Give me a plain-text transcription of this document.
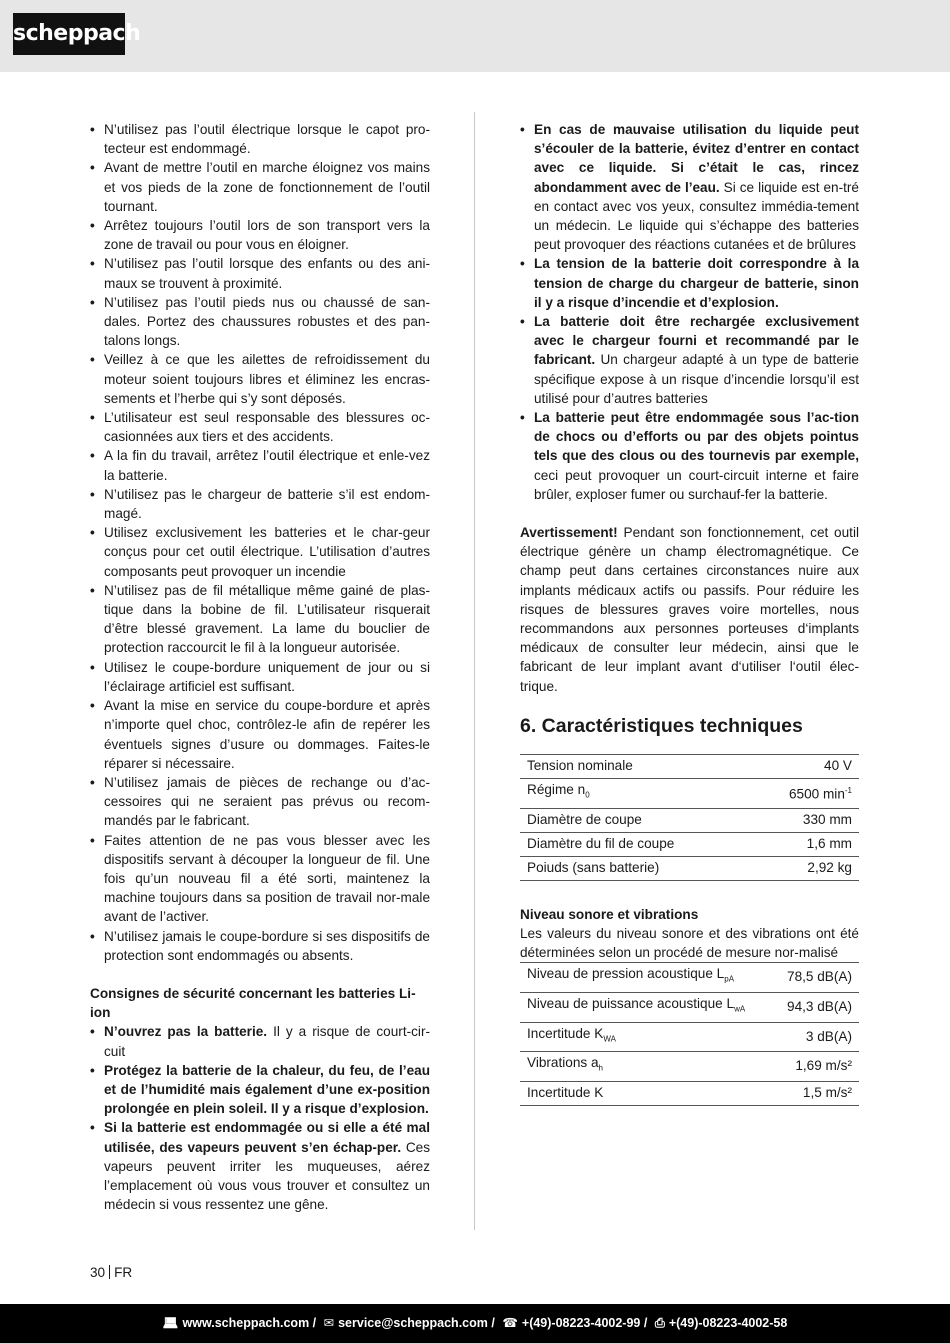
scheppach
• N’utilisez pas l’outil électrique lorsque le capot pro-tecteur est endommagé.
• Avant de mettre l’outil en marche éloignez vos mains et vos pieds de la zone de fonctionnement de l’outil tournant.
• Arrêtez toujours l’outil lors de son transport vers la zone de travail ou pour vous en éloigner.
• N’utilisez pas l’outil lorsque des enfants ou des ani-maux se trouvent à proximité.
• N’utilisez pas l’outil pieds nus ou chaussé de san-dales. Portez des chaussures robustes et des pan-talons longs.
• Veillez à ce que les ailettes de refroidissement du moteur soient toujours libres et éliminez les encras-sements et l’herbe qui s’y sont déposés.
• L’utilisateur est seul responsable des blessures oc-casionnées aux tiers et des accidents.
• A la fin du travail, arrêtez l’outil électrique et enle-vez la batterie.
• N’utilisez pas le chargeur de batterie s’il est endom-magé.
• Utilisez exclusivement les batteries et le char-geur conçus pour cet outil électrique. L’utilisation d’autres composants peut provoquer un incendie
• N’utilisez pas de fil métallique même gainé de plas-tique dans la bobine de fil. L’utilisateur risquerait d’être blessé gravement. La lame du bouclier de protection raccourcit le fil à la longueur autorisée.
• Utilisez le coupe-bordure uniquement de jour ou si l’éclairage artificiel est suffisant.
• Avant la mise en service du coupe-bordure et après n’importe quel choc, contrôlez-le afin de repérer les éventuels signes d’usure ou dommages. Faites-le réparer si nécessaire.
• N’utilisez jamais de pièces de rechange ou d’ac-cessoires qui ne seraient pas prévus ou recom-mandés par le fabricant.
• Faites attention de ne pas vous blesser avec les dispositifs servant à découper la longueur de fil. Une fois qu’un nouveau fil a été sorti, maintenez la machine toujours dans sa position de travail nor-male avant de l’activer.
• N’utilisez jamais le coupe-bordure si ses dispositifs de protection sont endommagés ou absents.
Consignes de sécurité concernant les batteries Li-ion
• N’ouvrez pas la batterie. Il y a risque de court-cir-cuit
• Protégez la batterie de la chaleur, du feu, de l’eau et de l’humidité mais également d’une ex-position prolongée en plein soleil. Il y a risque d’explosion.
• Si la batterie est endommagée ou si elle a été mal utilisée, des vapeurs peuvent s’en échap-per. Ces vapeurs peuvent irriter les muqueuses, aérez l’emplacement où vous vous trouver et consultez un médecin si vous ressentez une gêne.
• En cas de mauvaise utilisation du liquide peut s’écouler de la batterie, évitez d’entrer en contact avec ce liquide. Si c’était le cas, rincez abondamment avec de l’eau. Si ce liquide est en-tré en contact avec vos yeux, consultez immédia-tement un médecin. Le liquide qui s’échappe des batteries peut provoquer des réactions cutanées et de brûlures
• La tension de la batterie doit correspondre à la tension de charge du chargeur de batterie, sinon il y a risque d’incendie et d’explosion.
• La batterie doit être rechargée exclusivement avec le chargeur fourni et recommandé par le fabricant. Un chargeur adapté à un type de batterie spécifique expose à un risque d’incendie lorsqu’il est utilisé pour d’autres batteries
• La batterie peut être endommagée sous l’ac-tion de chocs ou d’efforts ou par des objets pointus tels que des clous ou des tournevis par exemple, ceci peut provoquer un court-circuit interne et faire brûler, exploser fumer ou surchauf-fer la batterie.

Avertissement! Pendant son fonctionnement, cet outil électrique génère un champ électromagnétique. Ce champ peut dans certaines circonstances nuire aux implants médicaux actifs ou passifs. Pour réduire les risques de blessures graves voire mortelles, nous recommandons aux personnes porteuses d‘implants médicaux de consulter leur médecin, ainsi que le fabricant de leur implant avant d‘utiliser l‘outil élec-trique.

6. Caractéristiques techniques
Tension nominale	40 V
Régime $n_0$	6500 $\min^{-1}$
Diamètre de coupe	330 mm
Diamètre du fil de coupe	1,6 mm
Poiuds (sans batterie)	2,92 kg
Niveau sonore et vibrations

Les valeurs du niveau sonore et des vibrations ont été déterminées selon un procédé de mesure nor-malisé

Niveau de pression acoustique $L_{pA}$	78,5 dB(A)
Niveau de puissance acoustique $L_{wA}$	94,3 dB(A)
Incertitude $K_{WA}$	3 dB(A)
Vibrations $a_h$	1,69 m/s²
Incertitude K	1,5 m/s²
30 FR
💻︎ www.scheppach.com / ✉ service@scheppach.com / ☎ +(49)-08223-4002-99 / ⎙ +(49)-08223-4002-58
